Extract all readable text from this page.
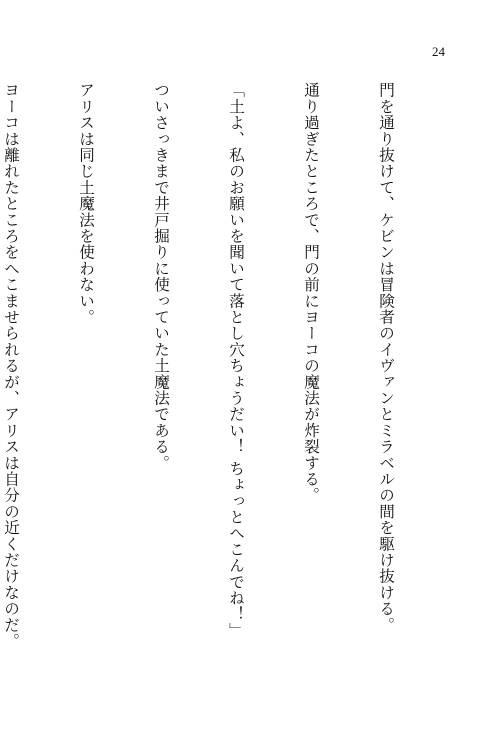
24

門を通り抜けて、ケビンは冒険者のイヴァンとミラベルの間を駆け抜ける。

通り過ぎたところで、門の前にヨーコの魔法が炸裂する。

「土よ、私のお願いを聞いて落とし穴ちょうだい！ ちょっとへこんでね！」

ついさっきまで井戸掘りに使っていた土魔法である。

アリスは同じ土魔法を使わない。

ヨーコは離れたところをへこませられるが、アリスは自分の近くだけなのだ。
